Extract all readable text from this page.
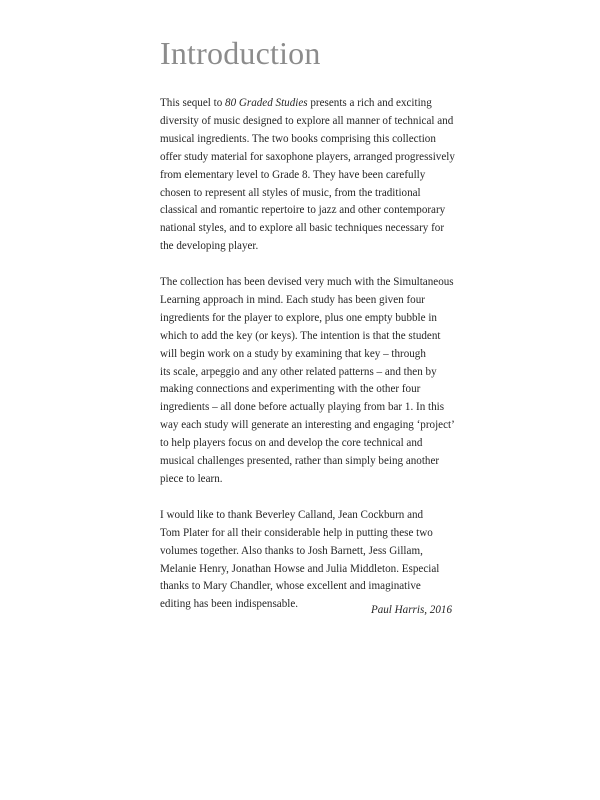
Introduction

This sequel to 80 Graded Studies presents a rich and exciting
diversity of music designed to explore all manner of technical and
musical ingredients. The two books comprising this collection
offer study material for saxophone players, arranged progressively
from elementary level to Grade 8. They have been carefully
chosen to represent all styles of music, from the traditional
classical and romantic repertoire to jazz and other contemporary
national styles, and to explore all basic techniques necessary for
the developing player.

The collection has been devised very much with the Simultaneous
Learning approach in mind. Each study has been given four
ingredients for the player to explore, plus one empty bubble in
which to add the key (or keys). The intention is that the student
will begin work on a study by examining that key – through
its scale, arpeggio and any other related patterns – and then by
making connections and experimenting with the other four
ingredients – all done before actually playing from bar 1. In this
way each study will generate an interesting and engaging ‘project’
to help players focus on and develop the core technical and
musical challenges presented, rather than simply being another
piece to learn.

I would like to thank Beverley Calland, Jean Cockburn and
Tom Plater for all their considerable help in putting these two
volumes together. Also thanks to Josh Barnett, Jess Gillam,
Melanie Henry, Jonathan Howse and Julia Middleton. Especial
thanks to Mary Chandler, whose excellent and imaginative
editing has been indispensable.	Paul Harris, 2016
